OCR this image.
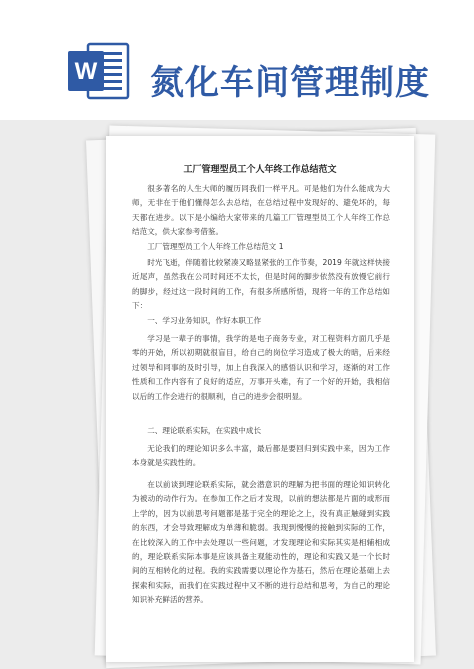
W 氮化车间管理制度
工厂管理型员工个人年终工作总结范文
很多著名的人生大师的履历同我们一样平凡。可是他们为什么能成为大师，无非在于他们懂得怎么去总结，在总结过程中发现好的、避免坏的，每天都在进步。以下是小编给大家带来的几篇工厂管理型员工个人年终工作总结范文，供大家参考借鉴。
工厂管理型员工个人年终工作总结范文 1
时光飞逝，伴随着比较紧凑又略显紧张的工作节奏，2019 年就这样快接近尾声，虽然我在公司时间还不太长，但是时间的脚步依然没有放慢它前行的脚步，经过这一段时间的工作，有很多所感所悟，现将一年的工作总结如下：
一、学习业务知识，作好本职工作
学习是一辈子的事情，我学的是电子商务专业，对工程资料方面几乎是零的开始，所以初期就很盲目，给自己的岗位学习造成了极大的暗，后来经过领导和同事的及时引导，加上自我深入的感悟认识和学习，逐渐的对工作性质和工作内容有了良好的适应，万事开头难，有了一个好的开始，我相信以后的工作会进行的很顺利，自己的进步会很明显。
二、理论联系实际，在实践中成长
无论我们的理论知识多么丰富，最后都是要回归到实践中来，因为工作本身就是实践性的。
在以前谈到理论联系实际，就会潜意识的理解为把书面的理论知识转化为被动的动作行为。在参加工作之后才发现，以前的想法都是片面的或形而上学的，因为以前思考问题都是基于完全的理论之上，没有真正触碰到实践的东西，才会导致理解成为单薄和脆弱。我现到慢慢的接触到实际的工作，在比较深入的工作中去处理以一些问题，才发现理论和实际其实是相辅相成的，理论联系实际本事是应该具备主观能动性的，理论和实践又是一个长时间的互相转化的过程。我的实践需要以理论作为基石，然后在理论基础上去探索和实际，而我们在实践过程中又不断的进行总结和思考，为自己的理论知识补充鲜活的营养。
